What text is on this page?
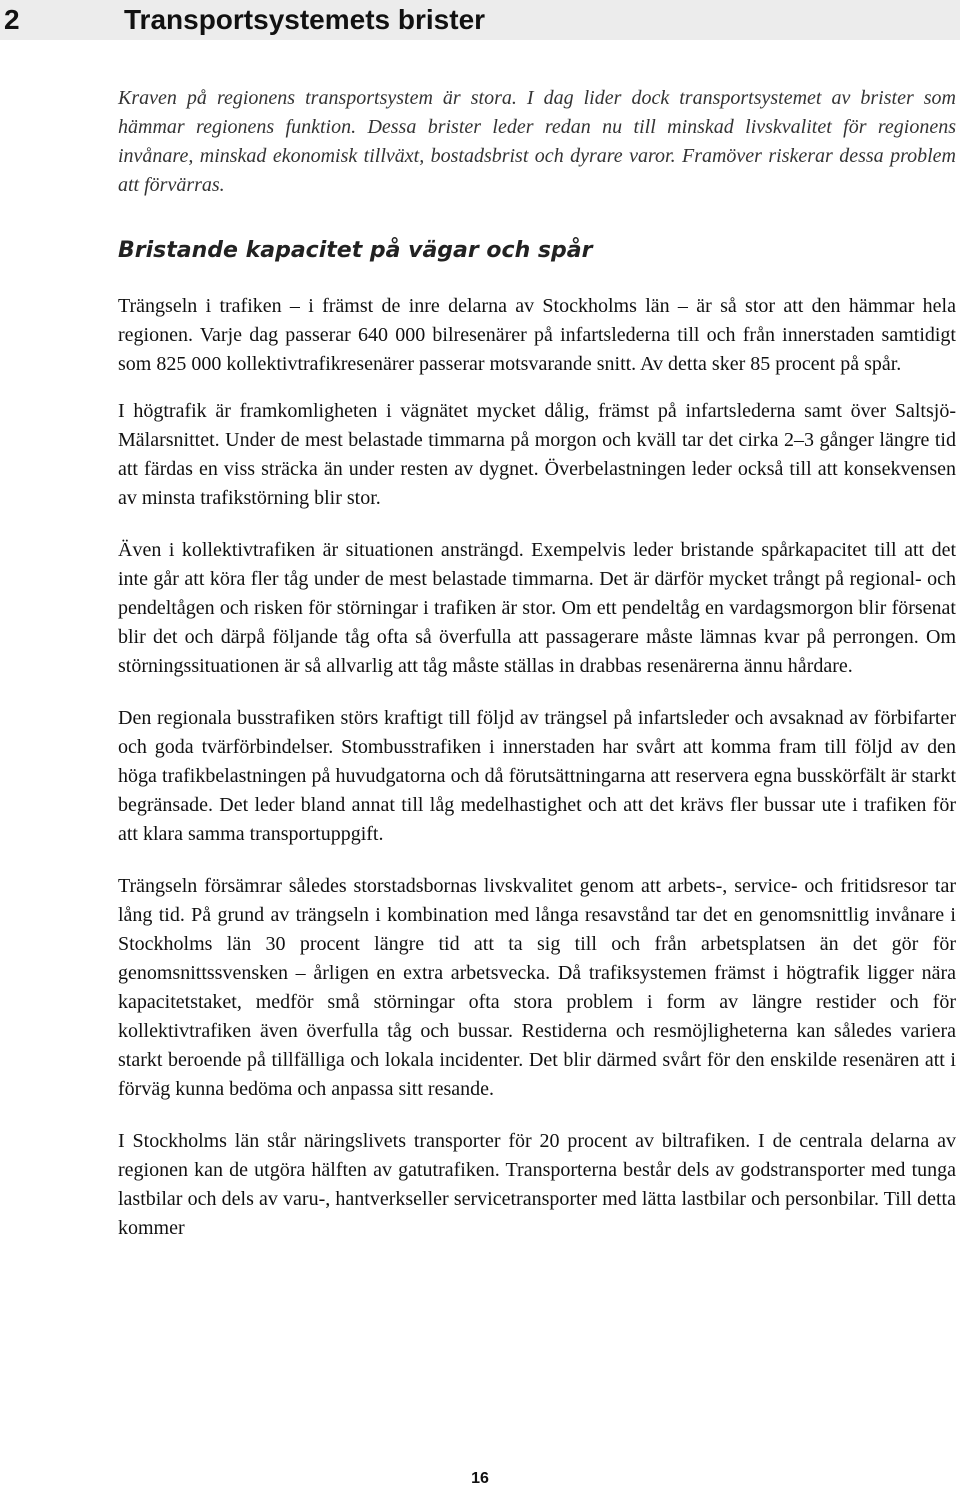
2	Transportsystemets brister

Kraven på regionens transportsystem är stora. I dag lider dock transportsystemet av brister som hämmar regionens funktion. Dessa brister leder redan nu till minskad livskvalitet för regionens invånare, minskad ekonomisk tillväxt, bostadsbrist och dyrare varor. Framöver riskerar dessa problem att förvärras.

Bristande kapacitet på vägar och spår

Trängseln i trafiken – i främst de inre delarna av Stockholms län – är så stor att den hämmar hela regionen. Varje dag passerar 640 000 bilresenärer på infartslederna till och från innerstaden samtidigt som 825 000 kollektivtrafikresenärer passerar motsvarande snitt. Av detta sker 85 procent på spår.

I högtrafik är framkomligheten i vägnätet mycket dålig, främst på infartslederna samt över Saltsjö-Mälarsnittet. Under de mest belastade timmarna på morgon och kväll tar det cirka 2–3 gånger längre tid att färdas en viss sträcka än under resten av dygnet. Överbelastningen leder också till att konsekvensen av minsta trafikstörning blir stor.

Även i kollektivtrafiken är situationen ansträngd. Exempelvis leder bristande spårkapacitet till att det inte går att köra fler tåg under de mest belastade timmarna. Det är därför mycket trångt på regional- och pendeltågen och risken för störningar i trafiken är stor. Om ett pendeltåg en vardagsmorgon blir försenat blir det och därpå följande tåg ofta så överfulla att passagerare måste lämnas kvar på perrongen. Om störningssituationen är så allvarlig att tåg måste ställas in drabbas resenärerna ännu hårdare.

Den regionala busstrafiken störs kraftigt till följd av trängsel på infartsleder och avsaknad av förbifarter och goda tvärförbindelser. Stombusstrafiken i innerstaden har svårt att komma fram till följd av den höga trafikbelastningen på huvudgatorna och då förutsättningarna att reservera egna busskörfält är starkt begränsade. Det leder bland annat till låg medelhastighet och att det krävs fler bussar ute i trafiken för att klara samma transportuppgift.

Trängseln försämrar således storstadsbornas livskvalitet genom att arbets-, service- och fritidsresor tar lång tid. På grund av trängseln i kombination med långa resavstånd tar det en genomsnittlig invånare i Stockholms län 30 procent längre tid att ta sig till och från arbetsplatsen än det gör för genomsnittssvensken – årligen en extra arbetsvecka. Då trafiksystemen främst i högtrafik ligger nära kapacitetstaket, medför små störningar ofta stora problem i form av längre restider och för kollektivtrafiken även överfulla tåg och bussar. Restiderna och resmöjligheterna kan således variera starkt beroende på tillfälliga och lokala incidenter. Det blir därmed svårt för den enskilde resenären att i förväg kunna bedöma och anpassa sitt resande.

I Stockholms län står näringslivets transporter för 20 procent av biltrafiken. I de centrala delarna av regionen kan de utgöra hälften av gatutrafiken. Transporterna består dels av godstransporter med tunga lastbilar och dels av varu-, hantverkseller servicetransporter med lätta lastbilar och personbilar. Till detta kommer

16
